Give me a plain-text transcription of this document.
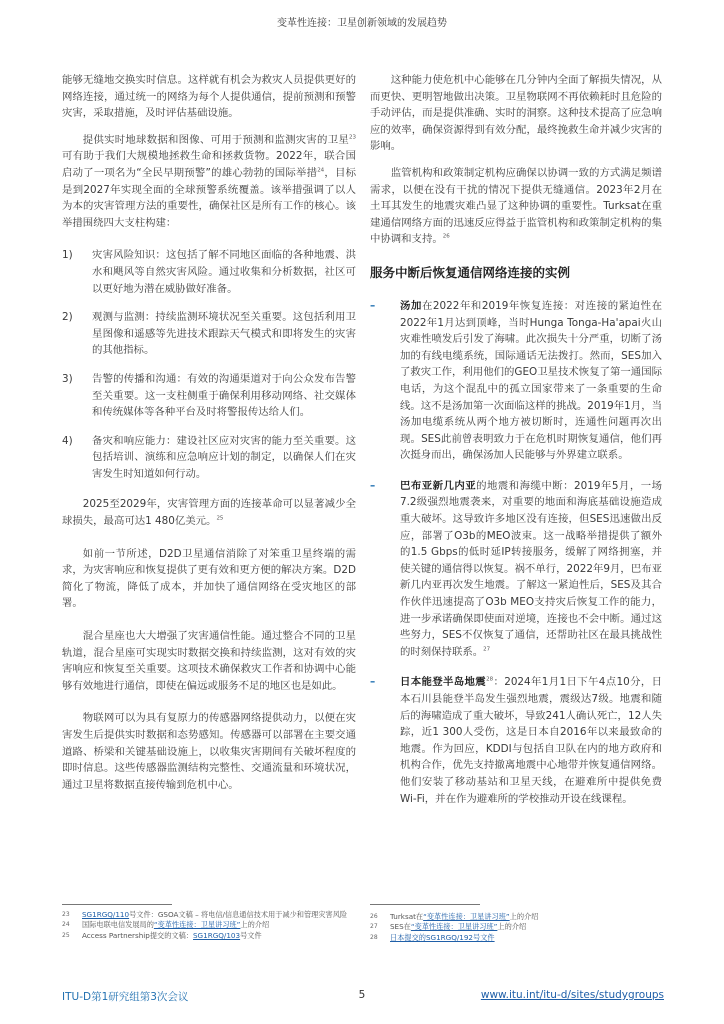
变革性连接：卫星创新领域的发展趋势

能够无缝地交换实时信息。这样就有机会为救灾人员提供更好的网络连接，通过统一的网络为每个人提供通信，提前预测和预警灾害，采取措施，及时评估基础设施。

提供实时地球数据和图像、可用于预测和监测灾害的卫星$^{23}$可有助于我们大规模地拯救生命和拯救货物。2022年，联合国启动了一项名为“全民早期预警”的雄心勃勃的国际举措$^{24}$，目标是到2027年实现全面的全球预警系统覆盖。该举措强调了以人为本的灾害管理方法的重要性，确保社区是所有工作的核心。该举措围绕四大支柱构建：

1)	灾害风险知识：这包括了解不同地区面临的各种地震、洪水和飓风等自然灾害风险。通过收集和分析数据，社区可以更好地为潜在威胁做好准备。
2)	观测与监测：持续监测环境状况至关重要。这包括利用卫星图像和遥感等先进技术跟踪天气模式和即将发生的灾害的其他指标。
3)	告警的传播和沟通：有效的沟通渠道对于向公众发布告警至关重要。这一支柱侧重于确保利用移动网络、社交媒体和传统媒体等各种平台及时将警报传达给人们。
4)	备灾和响应能力：建设社区应对灾害的能力至关重要。这包括培训、演练和应急响应计划的制定，以确保人们在灾害发生时知道如何行动。

2025至2029年，灾害管理方面的连接革命可以显著减少全球损失，最高可达1 480亿美元。$^{25}$

如前一节所述，D2D卫星通信消除了对笨重卫星终端的需求，为灾害响应和恢复提供了更有效和更方便的解决方案。D2D简化了物流，降低了成本，并加快了通信网络在受灾地区的部署。

混合星座也大大增强了灾害通信性能。通过整合不同的卫星轨道，混合星座可实现实时数据交换和持续监测，这对有效的灾害响应和恢复至关重要。这项技术确保救灾工作者和协调中心能够有效地进行通信，即使在偏远或服务不足的地区也是如此。

物联网可以为具有复原力的传感器网络提供动力，以便在灾害发生后提供实时数据和态势感知。传感器可以部署在主要交通道路、桥梁和关键基础设施上，以收集灾害期间有关破坏程度的即时信息。这些传感器监测结构完整性、交通流量和环境状况，通过卫星将数据直接传输到危机中心。

这种能力使危机中心能够在几分钟内全面了解损失情况，从而更快、更明智地做出决策。卫星物联网不再依赖耗时且危险的手动评估，而是提供准确、实时的洞察。这种技术提高了应急响应的效率，确保资源得到有效分配，最终挽救生命并减少灾害的影响。

监管机构和政策制定机构应确保以协调一致的方式满足频谱需求，以便在没有干扰的情况下提供无缝通信。2023年2月在土耳其发生的地震灾难凸显了这种协调的重要性。Turksat在重建通信网络方面的迅速反应得益于监管机构和政策制定机构的集中协调和支持。$^{26}$

服务中断后恢复通信网络连接的实例
– 汤加在2022年和2019年恢复连接：对连接的紧迫性在2022年1月达到顶峰，当时Hunga Tonga-Ha'apai火山灾难性喷发后引发了海啸。此次损失十分严重，切断了汤加的有线电缆系统，国际通话无法拨打。然而，SES加入了救灾工作，利用他们的GEO卫星技术恢复了第一通国际电话，为这个混乱中的孤立国家带来了一条重要的生命线。这不是汤加第一次面临这样的挑战。2019年1月，当汤加电缆系统从两个地方被切断时，连通性问题再次出现。SES此前曾表明致力于在危机时期恢复通信，他们再次挺身而出，确保汤加人民能够与外界建立联系。
– 巴布亚新几内亚的地震和海缆中断：2019年5月，一场7.2级强烈地震袭来，对重要的地面和海底基础设施造成重大破坏。这导致许多地区没有连接，但SES迅速做出反应，部署了O3b的MEO波束。这一战略举措提供了额外的1.5 Gbps的低时延IP转接服务，缓解了网络拥塞，并使关键的通信得以恢复。祸不单行，2022年9月，巴布亚新几内亚再次发生地震。了解这一紧迫性后，SES及其合作伙伴迅速提高了O3b MEO支持灾后恢复工作的能力，进一步承诺确保即使面对逆境，连接也不会中断。通过这些努力，SES不仅恢复了通信，还帮助社区在最具挑战性的时刻保持联系。$^{27}$
– 日本能登半岛地震$^{28}$：2024年1月1日下午4点10分，日本石川县能登半岛发生强烈地震，震级达7级。地震和随后的海啸造成了重大破坏，导致241人确认死亡，12人失踪，近1 300人受伤，这是日本自2016年以来最致命的地震。作为回应，KDDI与包括自卫队在内的地方政府和机构合作，优先支持撤离地震中心地带并恢复通信网络。他们安装了移动基站和卫星天线，在避难所中提供免费Wi-Fi，并在作为避难所的学校推动开设在线课程。
23	SG1RGQ/110号文件：GSOA文稿 – 将电信/信息通信技术用于减少和管理灾害风险
24	国际电联电信发展局的“变革性连接：卫星讲习班”上的介绍
25	Access Partnership提交的文稿：SG1RGQ/103号文件
26	Turksat在“变革性连接：卫星讲习班”上的介绍
27	SES在“变革性连接：卫星讲习班”上的介绍
28	日本提交的SG1RGQ/192号文件
ITU-D第1研究组第3次会议	5	www.itu.int/itu-d/sites/studygroups
